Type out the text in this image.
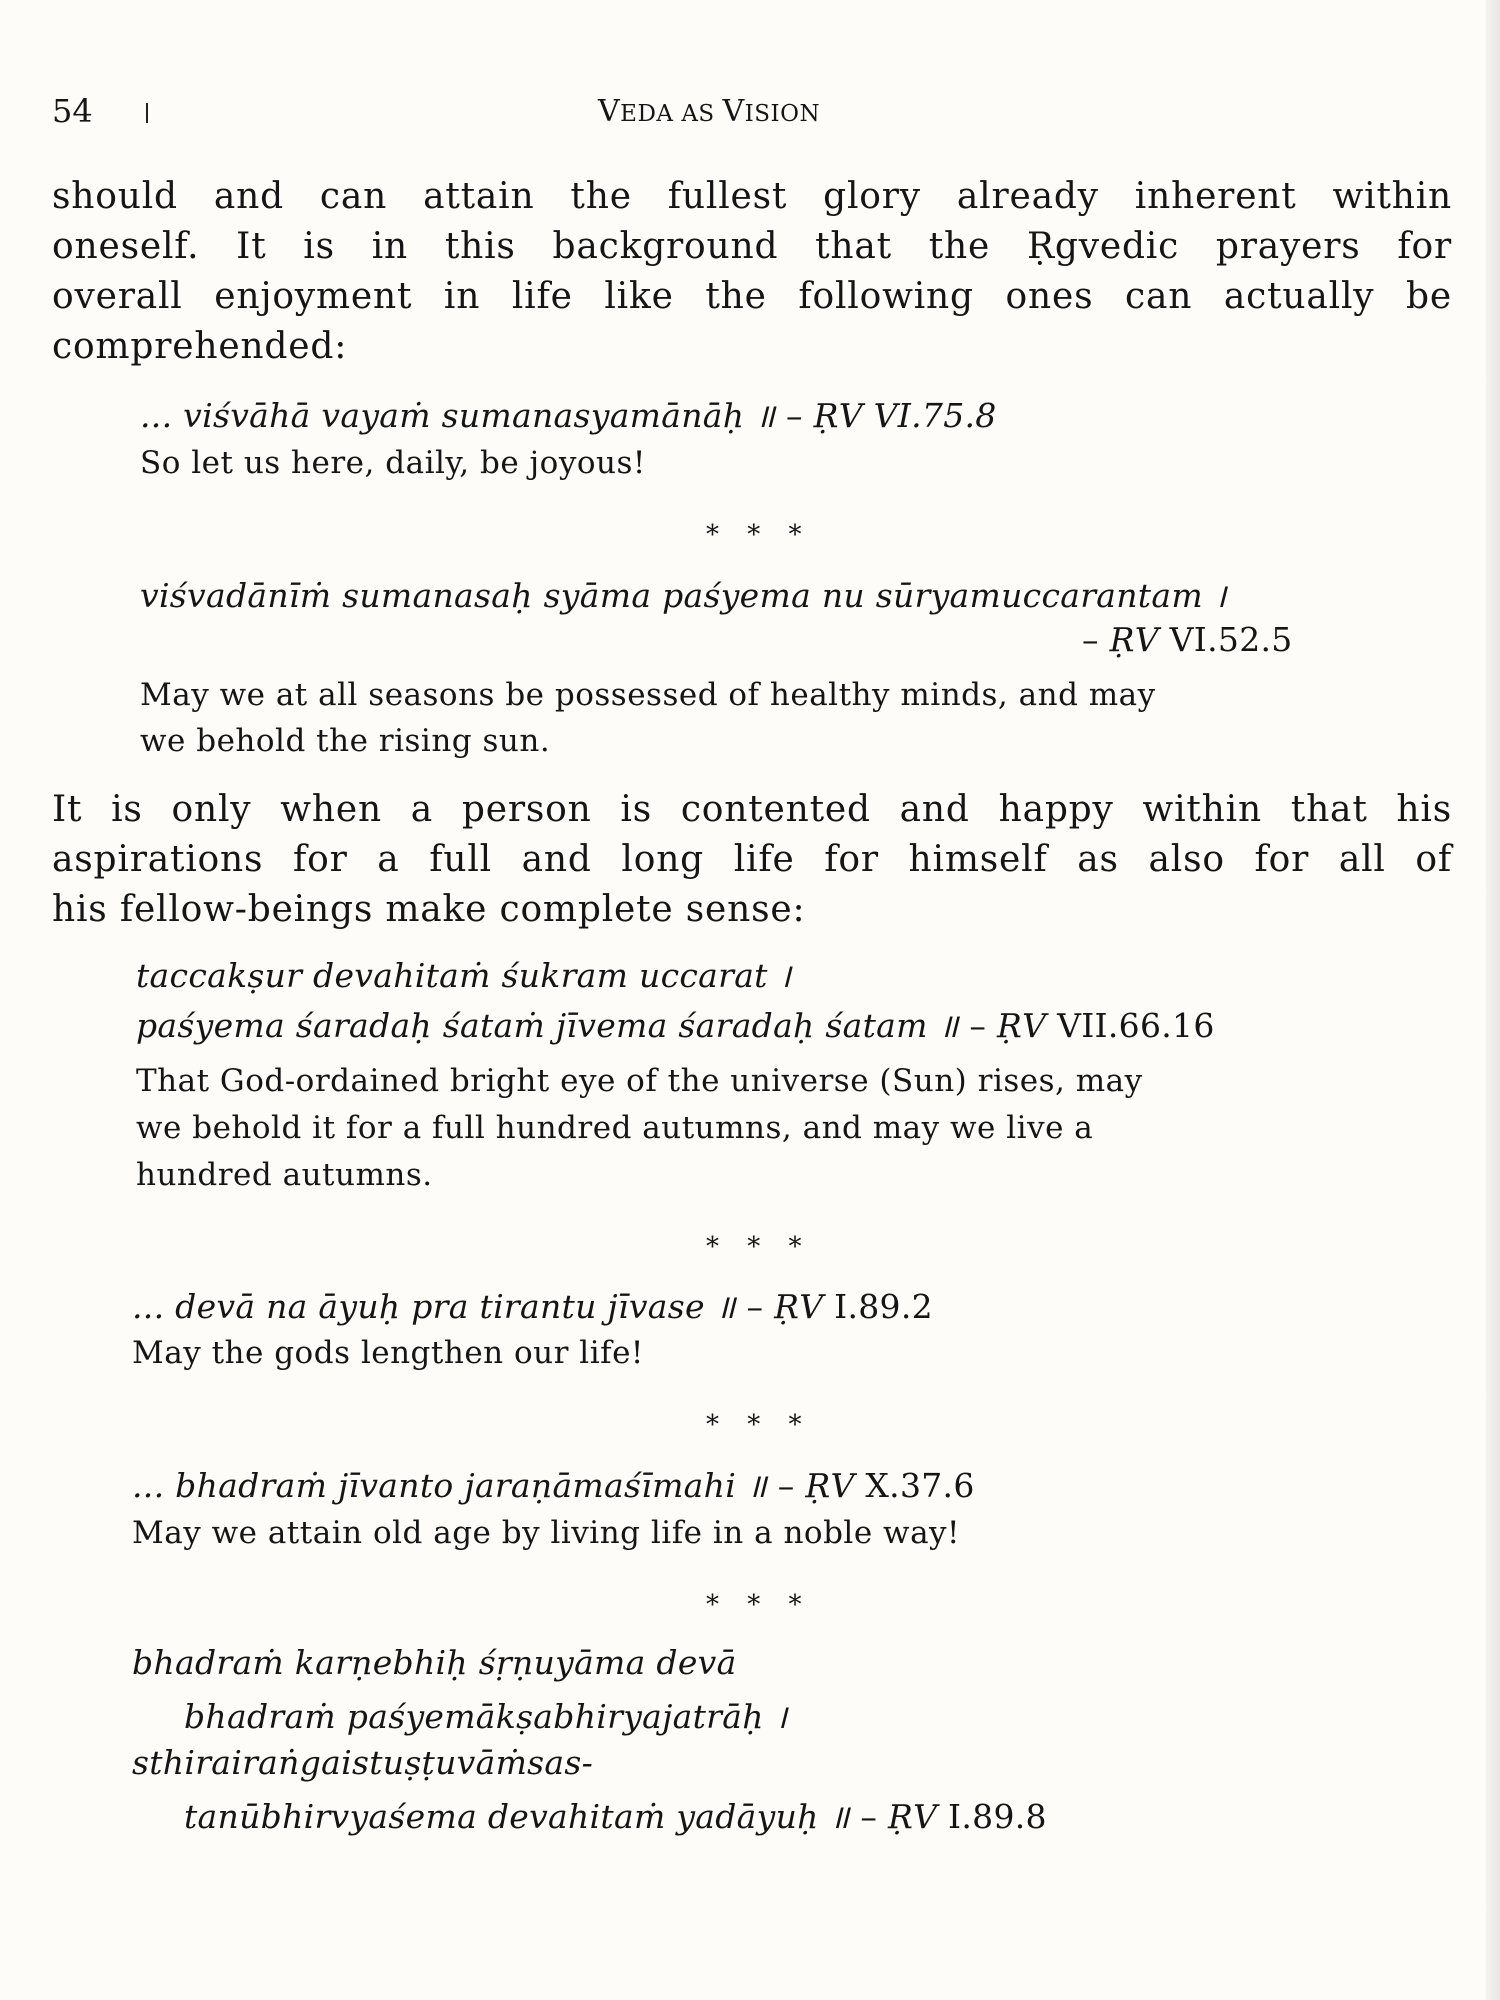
54	VEDA AS VISION
should and can attain the fullest glory already inherent within
oneself. It is in this background that the Ṛgvedic prayers for
overall enjoyment in life like the following ones can actually be
comprehended:
... viśvāhā vayaṁ sumanasyamānāḥ ॥ – ṚV VI.75.8
So let us here, daily, be joyous!
* * *
viśvadānīṁ sumanasaḥ syāma paśyema nu sūryamuccarantam ।
– ṚV VI.52.5
May we at all seasons be possessed of healthy minds, and may
we behold the rising sun.
It is only when a person is contented and happy within that his
aspirations for a full and long life for himself as also for all of
his fellow-beings make complete sense:
taccakṣur devahitaṁ śukram uccarat ।
paśyema śaradaḥ śataṁ jīvema śaradaḥ śatam ॥ – ṚV VII.66.16
That God-ordained bright eye of the universe (Sun) rises, may
we behold it for a full hundred autumns, and may we live a
hundred autumns.
* * *
... devā na āyuḥ pra tirantu jīvase ॥ – ṚV I.89.2
May the gods lengthen our life!
* * *
... bhadraṁ jīvanto jaraṇāmaśīmahi ॥ – ṚV X.37.6
May we attain old age by living life in a noble way!
* * *
bhadraṁ karṇebhiḥ śṛṇuyāma devā
bhadraṁ paśyemākṣabhiryajatrāḥ ।
sthirairaṅgaistuṣṭuvāṁsas-
tanūbhirvyaśema devahitaṁ yadāyuḥ ॥ – ṚV I.89.8
